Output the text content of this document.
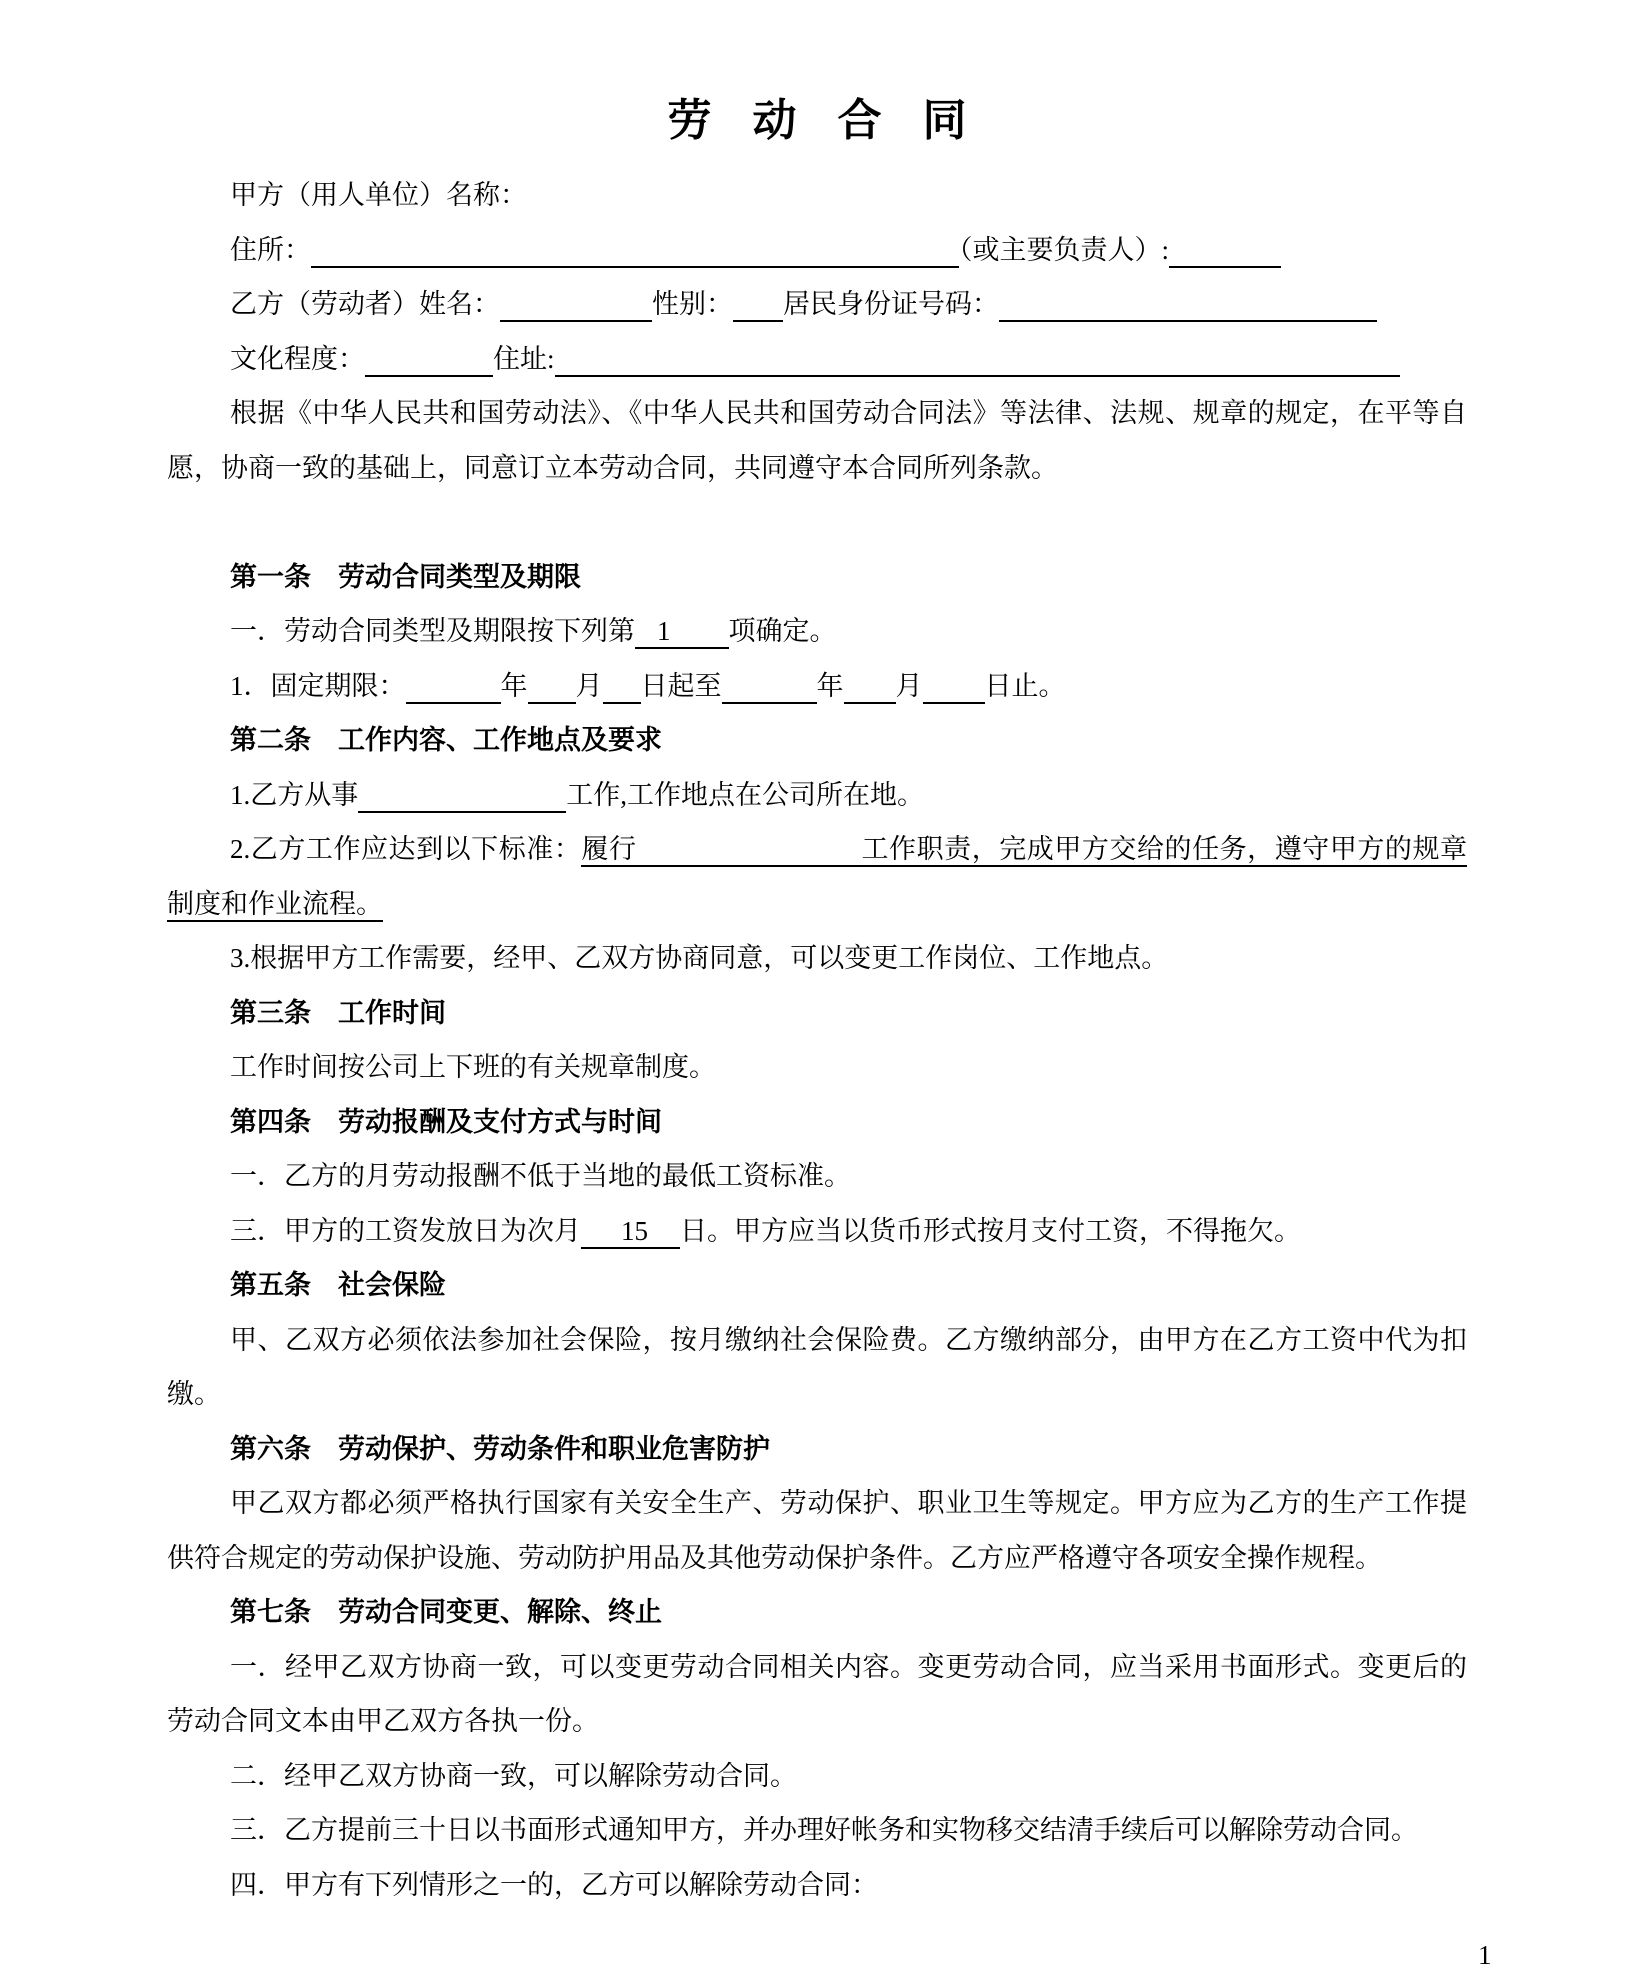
劳动合同

甲方（用人单位）名称：

住所：	（或主要负责人）:

乙方（劳动者）姓名：	性别： 居民身份证号码：

文化程度：	住址:

根据《中华人民共和国劳动法》、《中华人民共和国劳动合同法》等法律、法规、规章的规定，在平等自愿，协商一致的基础上，同意订立本劳动合同，共同遵守本合同所列条款。

第一条　劳动合同类型及期限

一．劳动合同类型及期限按下列第 1 项确定。

1．固定期限：	年 月 日起至	年 月 日止。

第二条　工作内容、工作地点及要求

1.乙方从事	工作,工作地点在公司所在地。

2.乙方工作应达到以下标准：履行	工作职责，完成甲方交给的任务，遵守甲方的规章制度和作业流程。

3.根据甲方工作需要，经甲、乙双方协商同意，可以变更工作岗位、工作地点。

第三条　工作时间

工作时间按公司上下班的有关规章制度。

第四条　劳动报酬及支付方式与时间

一．乙方的月劳动报酬不低于当地的最低工资标准。

三．甲方的工资发放日为次月 15 日。甲方应当以货币形式按月支付工资，不得拖欠。

第五条　社会保险

甲、乙双方必须依法参加社会保险，按月缴纳社会保险费。乙方缴纳部分，由甲方在乙方工资中代为扣缴。

第六条　劳动保护、劳动条件和职业危害防护

甲乙双方都必须严格执行国家有关安全生产、劳动保护、职业卫生等规定。甲方应为乙方的生产工作提供符合规定的劳动保护设施、劳动防护用品及其他劳动保护条件。乙方应严格遵守各项安全操作规程。

第七条　劳动合同变更、解除、终止

一．经甲乙双方协商一致，可以变更劳动合同相关内容。变更劳动合同，应当采用书面形式。变更后的劳动合同文本由甲乙双方各执一份。

二．经甲乙双方协商一致，可以解除劳动合同。

三．乙方提前三十日以书面形式通知甲方，并办理好帐务和实物移交结清手续后可以解除劳动合同。

四．甲方有下列情形之一的，乙方可以解除劳动合同：

1
